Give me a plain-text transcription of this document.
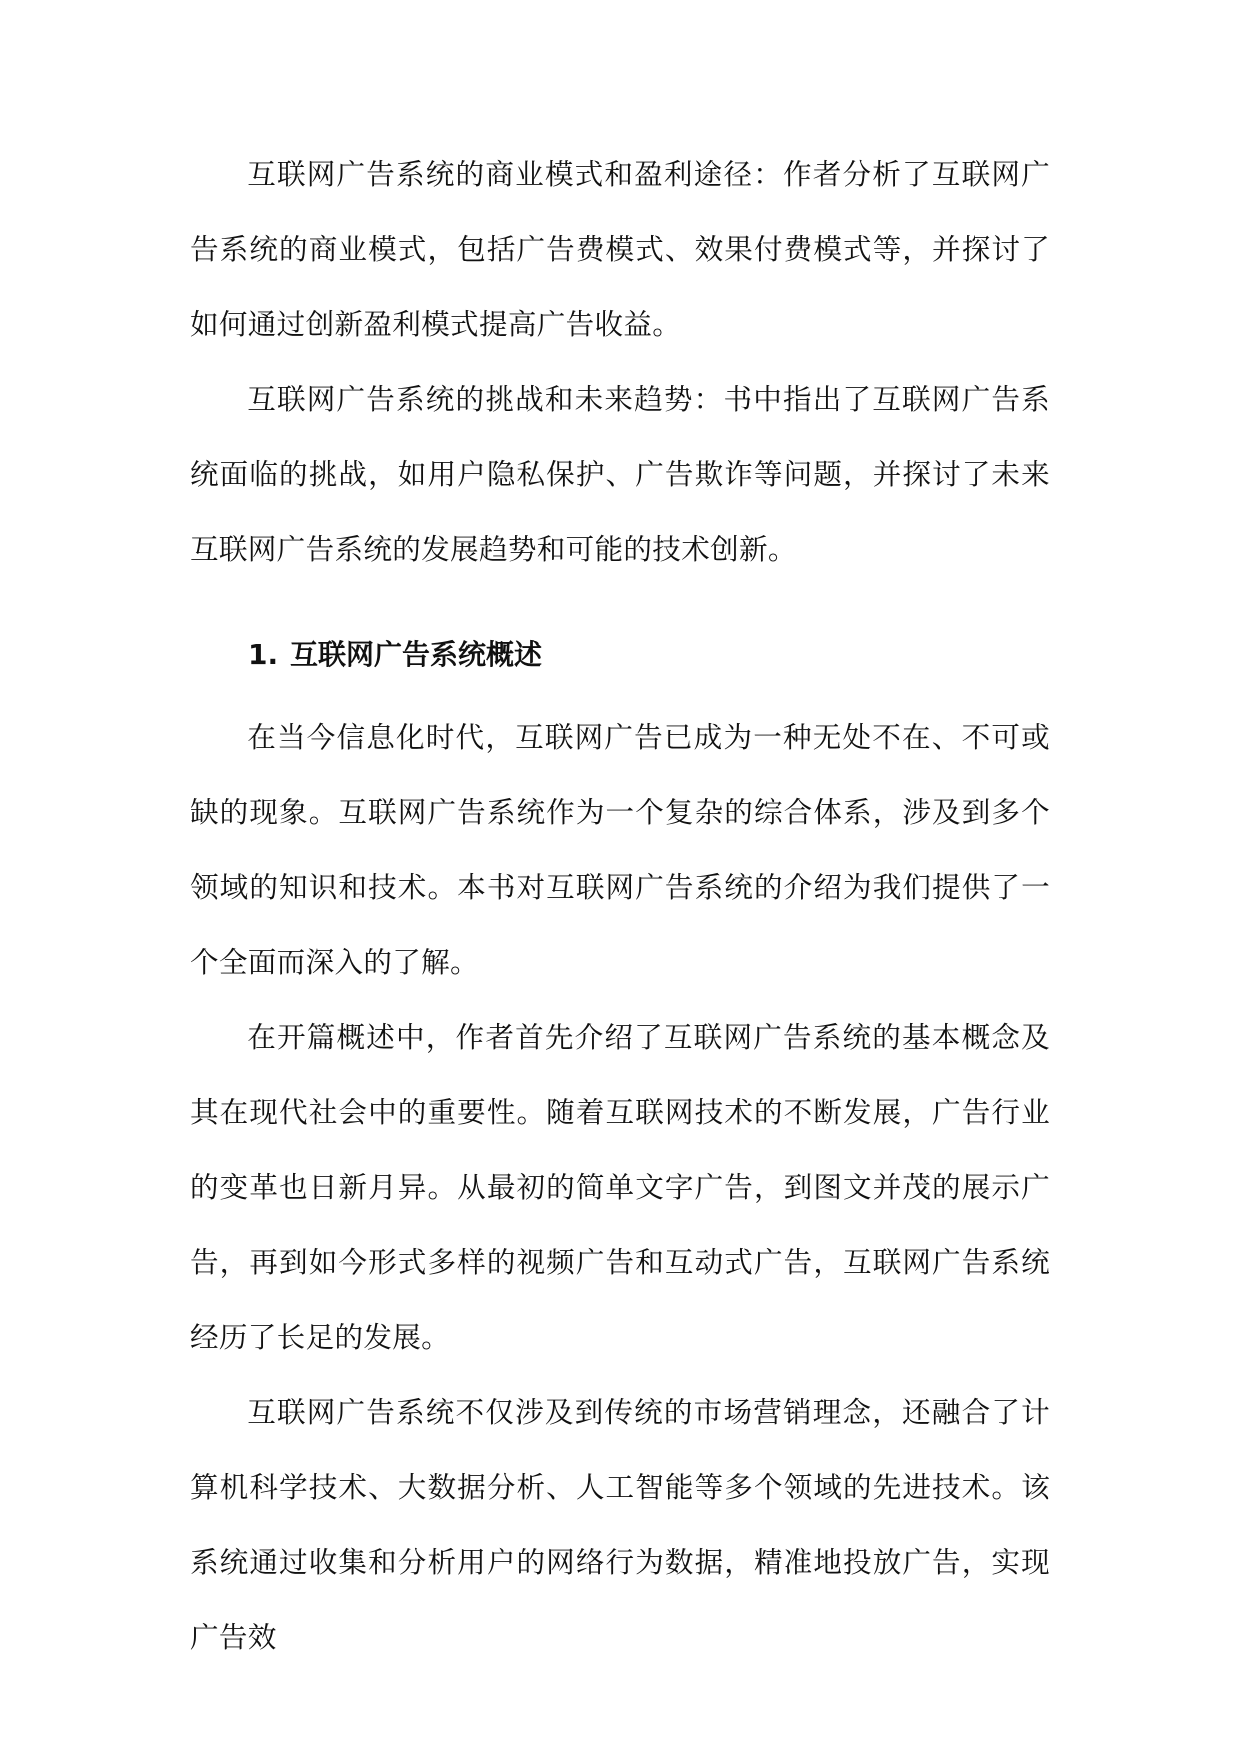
互联网广告系统的商业模式和盈利途径：作者分析了互联网广告系统的商业模式，包括广告费模式、效果付费模式等，并探讨了如何通过创新盈利模式提高广告收益。

互联网广告系统的挑战和未来趋势：书中指出了互联网广告系统面临的挑战，如用户隐私保护、广告欺诈等问题，并探讨了未来互联网广告系统的发展趋势和可能的技术创新。

1. 互联网广告系统概述

在当今信息化时代，互联网广告已成为一种无处不在、不可或缺的现象。互联网广告系统作为一个复杂的综合体系，涉及到多个领域的知识和技术。本书对互联网广告系统的介绍为我们提供了一个全面而深入的了解。

在开篇概述中，作者首先介绍了互联网广告系统的基本概念及其在现代社会中的重要性。随着互联网技术的不断发展，广告行业的变革也日新月异。从最初的简单文字广告，到图文并茂的展示广告，再到如今形式多样的视频广告和互动式广告，互联网广告系统经历了长足的发展。

互联网广告系统不仅涉及到传统的市场营销理念，还融合了计算机科学技术、大数据分析、人工智能等多个领域的先进技术。该系统通过收集和分析用户的网络行为数据，精准地投放广告，实现广告效
